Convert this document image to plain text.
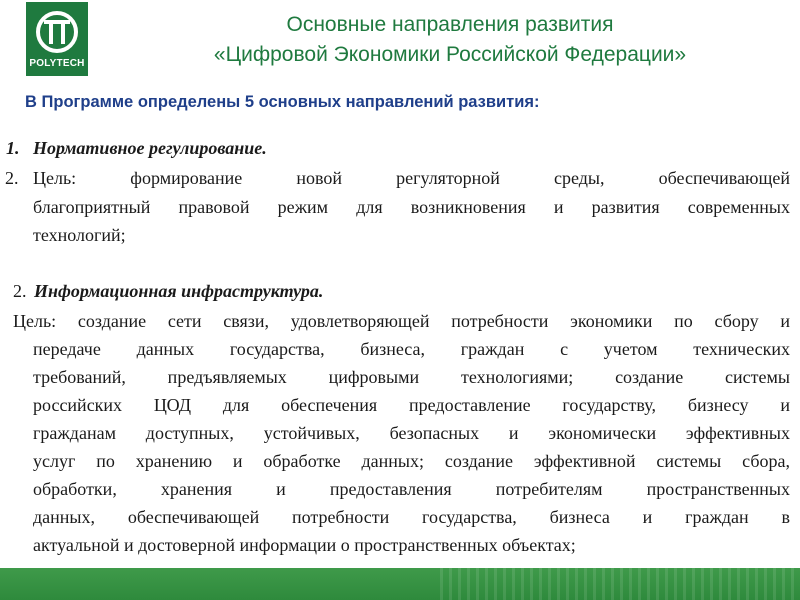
POLYTECH
Основные направления развития
«Цифровой Экономики Российской Федерации»
В Программе определены 5 основных направлений развития:
1. Нормативное регулирование.
2. Цель: формирование новой регуляторной среды, обеспечивающей
благоприятный правовой режим для возникновения и развития современных
технологий;
2. Информационная инфраструктура.
Цель: создание сети связи, удовлетворяющей потребности экономики по сбору и
передаче данных государства, бизнеса, граждан с учетом технических
требований, предъявляемых цифровыми технологиями; создание системы
российских ЦОД для обеспечения предоставление государству, бизнесу и
гражданам доступных, устойчивых, безопасных и экономически эффективных
услуг по хранению и обработке данных; создание эффективной системы сбора,
обработки, хранения и предоставления потребителям пространственных
данных, обеспечивающей потребности государства, бизнеса и граждан в
актуальной и достоверной информации о пространственных объектах;
